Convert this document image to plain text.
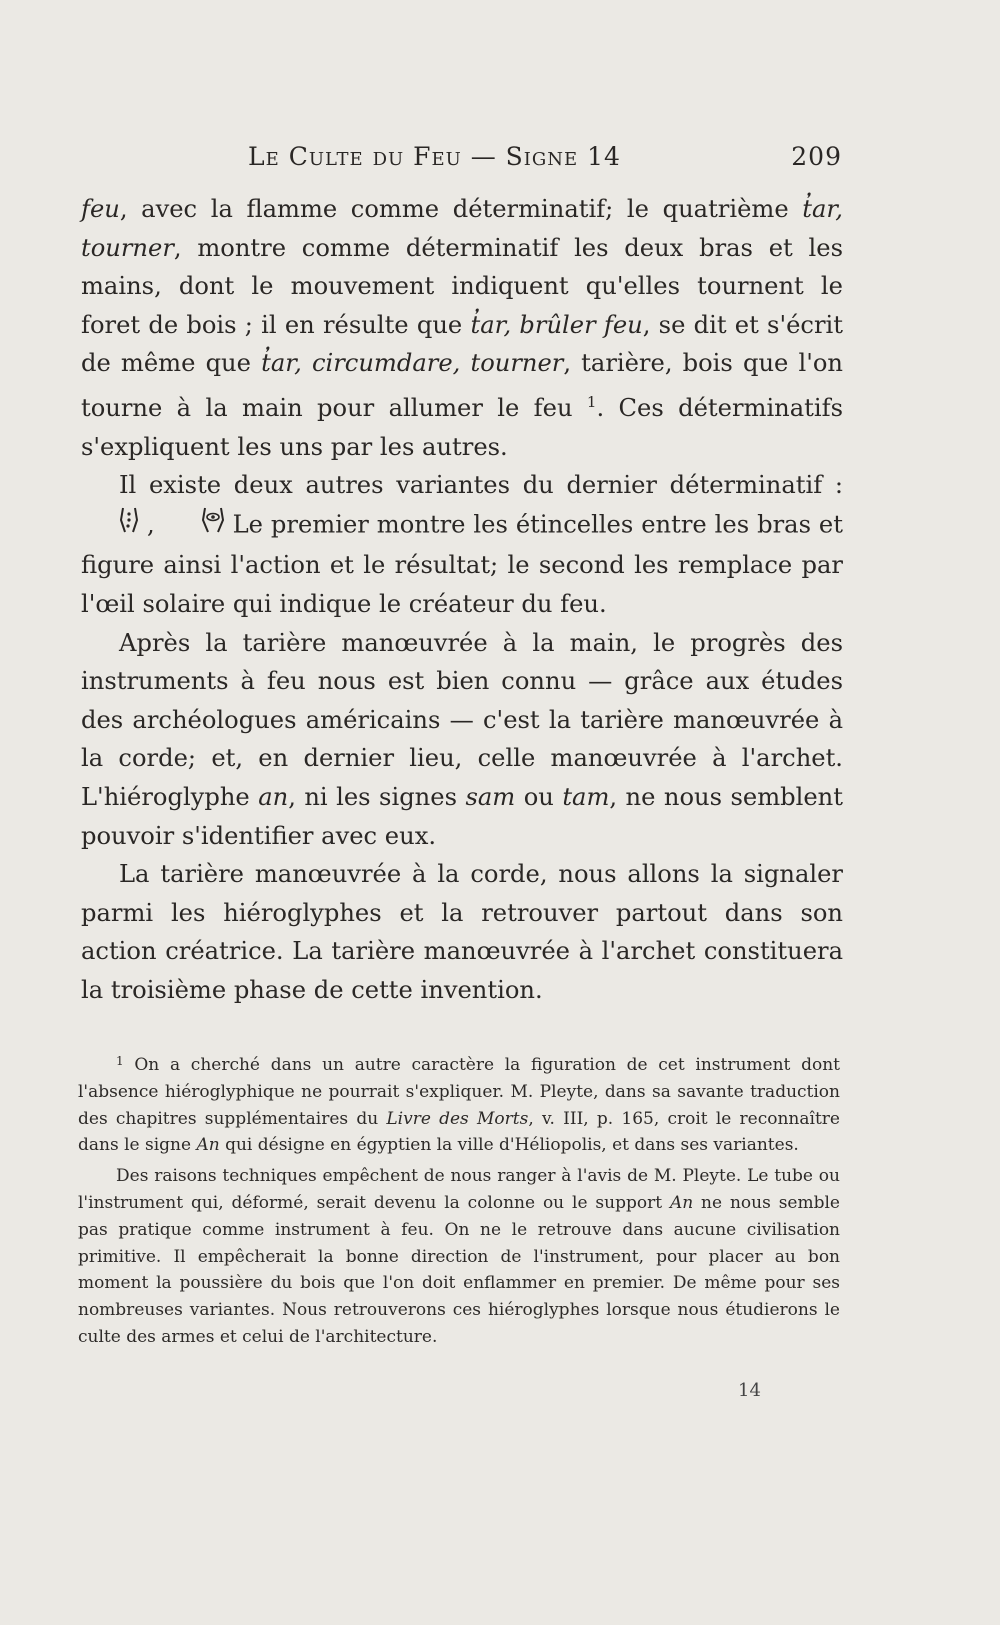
Le Culte du Feu — Signe 14	209

feu, avec la flamme comme déterminatif; le quatrième t̓ar, tourner, montre comme déterminatif les deux bras et les mains, dont le mouvement indiquent qu'elles tournent le foret de bois ; il en résulte que t̓ar, brûler feu, se dit et s'écrit de même que t̓ar, circumdare, tourner, tarière, bois que l'on tourne à la main pour allumer le feu $^1$. Ces déterminatifs s'expliquent les uns par les autres.

Il existe deux autres variantes du dernier déterminatif : ,	Le premier montre les étincelles entre les bras et figure ainsi l'action et le résultat; le second les remplace par l'œil solaire qui indique le créateur du feu.

Après la tarière manœuvrée à la main, le progrès des instruments à feu nous est bien connu — grâce aux études des archéologues américains — c'est la tarière manœuvrée à la corde; et, en dernier lieu, celle manœuvrée à l'archet. L'hiéroglyphe an, ni les signes sam ou tam, ne nous semblent pouvoir s'identifier avec eux.

La tarière manœuvrée à la corde, nous allons la signaler parmi les hiéroglyphes et la retrouver partout dans son action créatrice. La tarière manœuvrée à l'archet constituera la troisième phase de cette invention.

$^1$ On a cherché dans un autre caractère la figuration de cet instrument dont l'absence hiéroglyphique ne pourrait s'expliquer. M. Pleyte, dans sa savante traduction des chapitres supplémentaires du Livre des Morts, v. III, p. 165, croit le reconnaître dans le signe An qui désigne en égyptien la ville d'Héliopolis, et dans ses variantes.

Des raisons techniques empêchent de nous ranger à l'avis de M. Pleyte. Le tube ou l'instrument qui, déformé, serait devenu la colonne ou le support An ne nous semble pas pratique comme instrument à feu. On ne le retrouve dans aucune civilisation primitive. Il empêcherait la bonne direction de l'instrument, pour placer au bon moment la poussière du bois que l'on doit enflammer en premier. De même pour ses nombreuses variantes. Nous retrouverons ces hiéroglyphes lorsque nous étudierons le culte des armes et celui de l'architecture.

14
